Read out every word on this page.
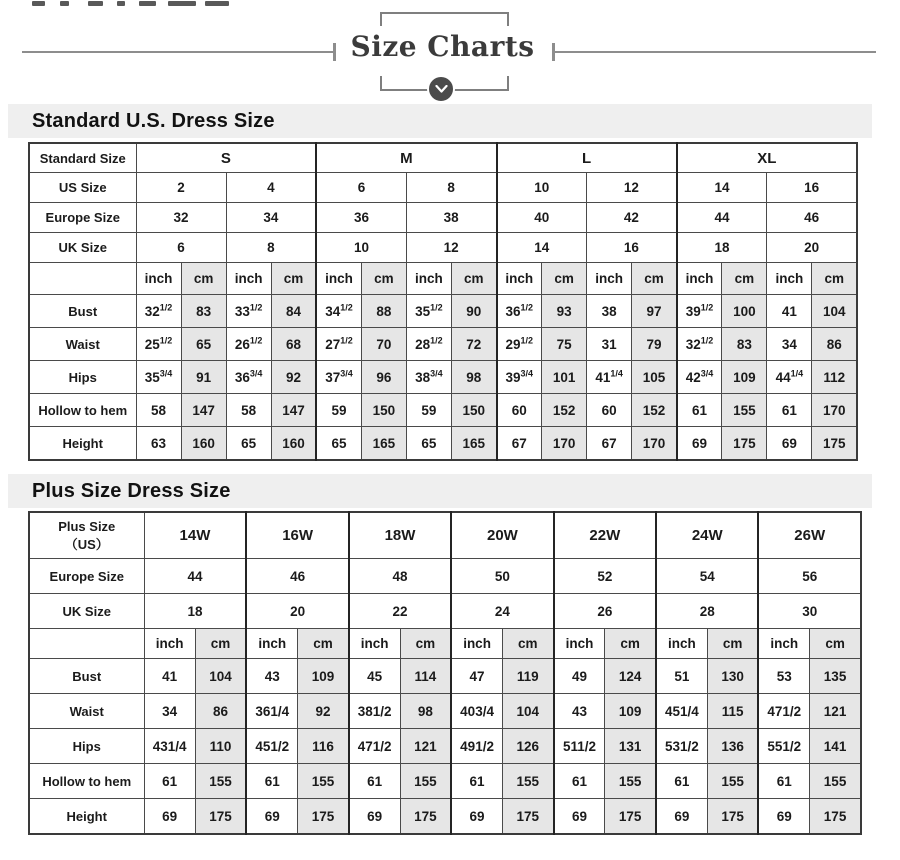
Size Charts
Standard U.S. Dress Size
Standard Size	S				M				L				XL			
US Size	2		4		6		8		10		12		14		16	
Europe Size	32		34		36		38		40		42		44		46	
UK Size	6		8		10		12		14		16		18		20	
	inch	cm	inch	cm	inch	cm	inch	cm	inch	cm	inch	cm	inch	cm	inch	cm
Bust	$32^{1/2}$	83	$33^{1/2}$	84	$34^{1/2}$	88	$35^{1/2}$	90	$36^{1/2}$	93	38	97	$39^{1/2}$	100	41	104
Waist	$25^{1/2}$	65	$26^{1/2}$	68	$27^{1/2}$	70	$28^{1/2}$	72	$29^{1/2}$	75	31	79	$32^{1/2}$	83	34	86
Hips	$35^{3/4}$	91	$36^{3/4}$	92	$37^{3/4}$	96	$38^{3/4}$	98	$39^{3/4}$	101	$41^{1/4}$	105	$42^{3/4}$	109	$44^{1/4}$	112
Hollow to hem	58	147	58	147	59	150	59	150	60	152	60	152	61	155	61	170
Height	63	160	65	160	65	165	65	165	67	170	67	170	69	175	69	175
Plus Size Dress Size
Plus Size
（US）	14W		16W		18W		20W		22W		24W		26W	
Europe Size	44		46		48		50		52		54		56	
UK Size	18		20		22		24		26		28		30	
	inch	cm	inch	cm	inch	cm	inch	cm	inch	cm	inch	cm	inch	cm
Bust	41	104	43	109	45	114	47	119	49	124	51	130	53	135
Waist	34	86	361/4	92	381/2	98	403/4	104	43	109	451/4	115	471/2	121
Hips	431/4	110	451/2	116	471/2	121	491/2	126	511/2	131	531/2	136	551/2	141
Hollow to hem	61	155	61	155	61	155	61	155	61	155	61	155	61	155
Height	69	175	69	175	69	175	69	175	69	175	69	175	69	175
